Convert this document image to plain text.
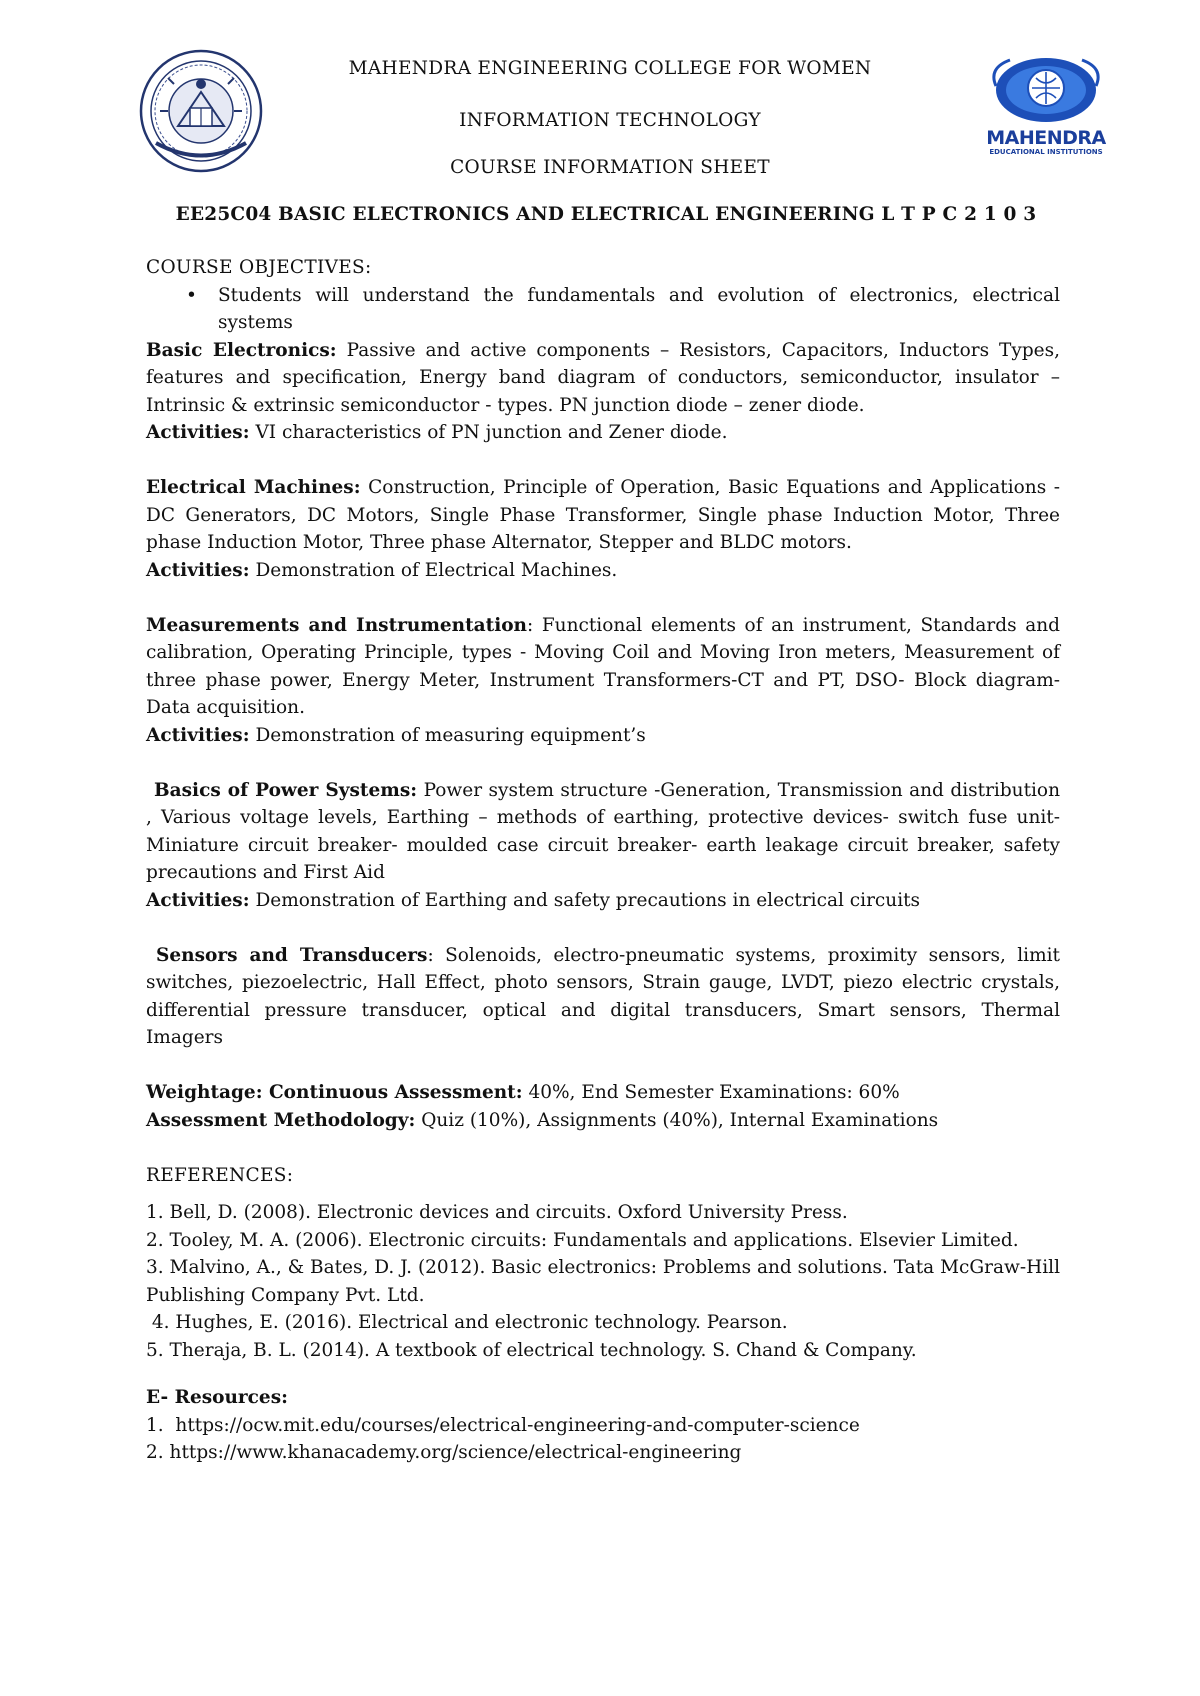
MAHENDRA
EDUCATIONAL INSTITUTIONS
MAHENDRA ENGINEERING COLLEGE FOR WOMEN
INFORMATION TECHNOLOGY
COURSE INFORMATION SHEET
EE25C04 BASIC ELECTRONICS AND ELECTRICAL ENGINEERING L T P C 2 1 0 3

COURSE OBJECTIVES:

• Students will understand the fundamentals and evolution of electronics, electrical systems

Basic Electronics: Passive and active components – Resistors, Capacitors, Inductors Types, features and specification, Energy band diagram of conductors, semiconductor, insulator – Intrinsic & extrinsic semiconductor - types. PN junction diode – zener diode.

Activities: VI characteristics of PN junction and Zener diode.

Electrical Machines: Construction, Principle of Operation, Basic Equations and Applications - DC Generators, DC Motors, Single Phase Transformer, Single phase Induction Motor, Three phase Induction Motor, Three phase Alternator, Stepper and BLDC motors.

Activities: Demonstration of Electrical Machines.

Measurements and Instrumentation: Functional elements of an instrument, Standards and calibration, Operating Principle, types - Moving Coil and Moving Iron meters, Measurement of three phase power, Energy Meter, Instrument Transformers-CT and PT, DSO- Block diagram- Data acquisition.

Activities: Demonstration of measuring equipment’s

Basics of Power Systems: Power system structure -Generation, Transmission and distribution , Various voltage levels, Earthing – methods of earthing, protective devices- switch fuse unit- Miniature circuit breaker- moulded case circuit breaker- earth leakage circuit breaker, safety precautions and First Aid

Activities: Demonstration of Earthing and safety precautions in electrical circuits

Sensors and Transducers: Solenoids, electro-pneumatic systems, proximity sensors, limit switches, piezoelectric, Hall Effect, photo sensors, Strain gauge, LVDT, piezo electric crystals, differential pressure transducer, optical and digital transducers, Smart sensors, Thermal Imagers

Weightage: Continuous Assessment: 40%, End Semester Examinations: 60%

Assessment Methodology: Quiz (10%), Assignments (40%), Internal Examinations

REFERENCES:

1. Bell, D. (2008). Electronic devices and circuits. Oxford University Press.

2. Tooley, M. A. (2006). Electronic circuits: Fundamentals and applications. Elsevier Limited.

3. Malvino, A., & Bates, D. J. (2012). Basic electronics: Problems and solutions. Tata McGraw-Hill Publishing Company Pvt. Ltd.

4. Hughes, E. (2016). Electrical and electronic technology. Pearson.

5. Theraja, B. L. (2014). A textbook of electrical technology. S. Chand & Company.

E- Resources:

1.  https://ocw.mit.edu/courses/electrical-engineering-and-computer-science

2. https://www.khanacademy.org/science/electrical-engineering
